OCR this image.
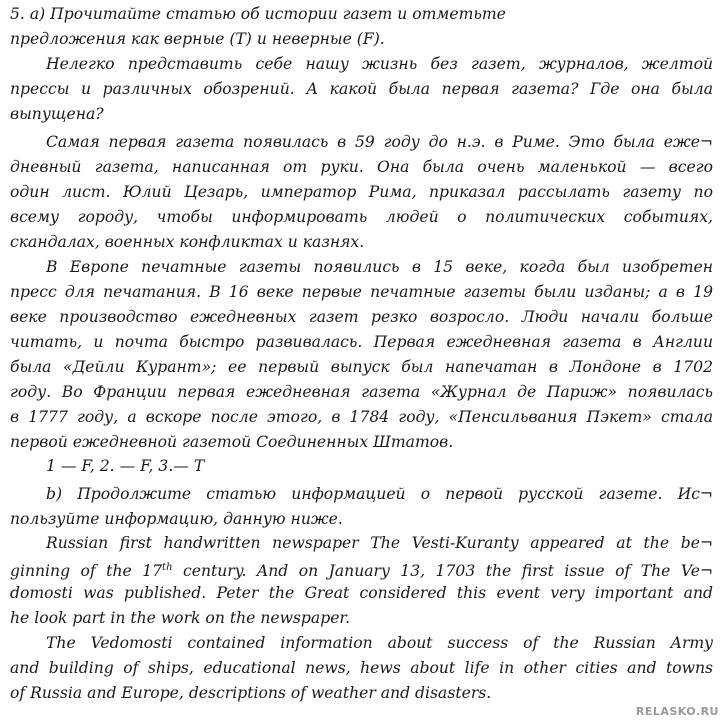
5. а) Прочитайте статью об истории газет и отметьте
предложения как верные (T) и неверные (F).
Нелегко представить себе нашу жизнь без газет, журналов, желтой
прессы и различных обозрений. А какой была первая газета? Где она была
выпущена?
Самая первая газета появилась в 59 году до н.э. в Риме. Это была еже¬
дневный газета, написанная от руки. Она была очень маленькой — всего
один лист. Юлий Цезарь, император Рима, приказал рассылать газету по
всему городу, чтобы информировать людей о политических событиях,
скандалах, военных конфликтах и казнях.
В Европе печатные газеты появились в 15 веке, когда был изобретен
пресс для печатания. В 16 веке первые печатные газеты были изданы; а в 19
веке производство ежедневных газет резко возросло. Люди начали больше
читать, и почта быстро развивалась. Первая ежедневная газета в Англии
была «Дейли Курант»; ее первый выпуск был напечатан в Лондоне в 1702
году. Во Франции первая ежедневная газета «Журнал де Париж» появилась
в 1777 году, а вскоре после этого, в 1784 году, «Пенсильвания Пэкет» стала
первой ежедневной газетой Соединенных Штатов.
1 — F, 2. — F, 3.— T
b) Продолжите статью информацией о первой русской газете. Ис¬
пользуйте информацию, данную ниже.
Russian first handwritten newspaper The Vesti-Kuranty appeared at the be¬
ginning of the 17th century. And on January 13, 1703 the first issue of The Ve¬
domosti was published. Peter the Great considered this event very important and
he look part in the work on the newspaper.
The Vedomosti contained information about success of the Russian Army
and building of ships, educational news, hews about life in other cities and towns
of Russia and Europe, descriptions of weather and disasters.
RELASKO.RU
